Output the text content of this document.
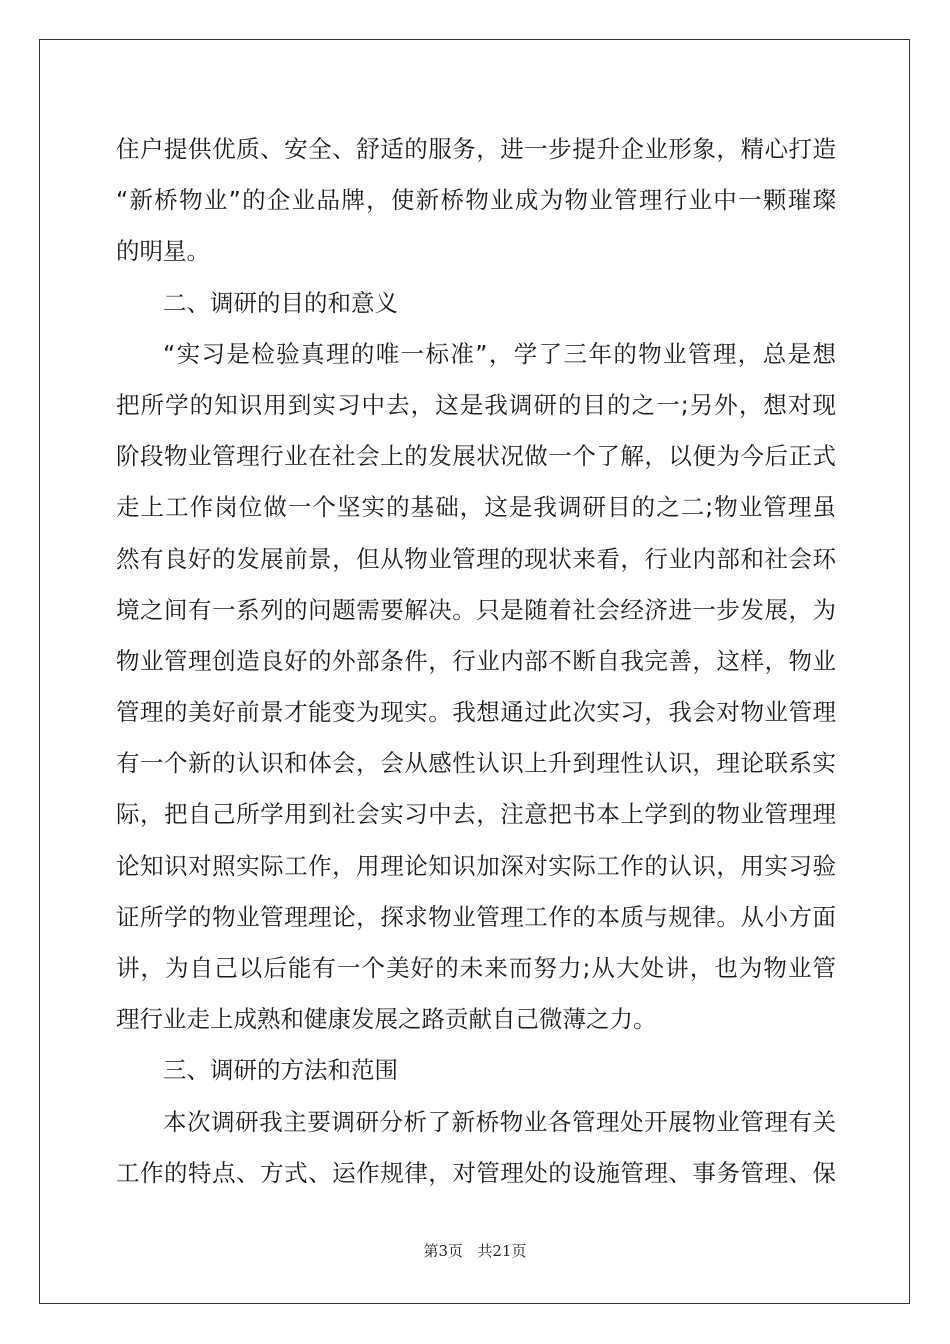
住户提供优质、安全、舒适的服务，进一步提升企业形象，精心打造
“新桥物业”的企业品牌，使新桥物业成为物业管理行业中一颗璀璨
的明星。
二、调研的目的和意义
“实习是检验真理的唯一标准”，学了三年的物业管理，总是想
把所学的知识用到实习中去，这是我调研的目的之一;另外，想对现
阶段物业管理行业在社会上的发展状况做一个了解，以便为今后正式
走上工作岗位做一个坚实的基础，这是我调研目的之二;物业管理虽
然有良好的发展前景，但从物业管理的现状来看，行业内部和社会环
境之间有一系列的问题需要解决。只是随着社会经济进一步发展，为
物业管理创造良好的外部条件，行业内部不断自我完善，这样，物业
管理的美好前景才能变为现实。我想通过此次实习，我会对物业管理
有一个新的认识和体会，会从感性认识上升到理性认识，理论联系实
际，把自己所学用到社会实习中去，注意把书本上学到的物业管理理
论知识对照实际工作，用理论知识加深对实际工作的认识，用实习验
证所学的物业管理理论，探求物业管理工作的本质与规律。从小方面
讲，为自己以后能有一个美好的未来而努力;从大处讲，也为物业管
理行业走上成熟和健康发展之路贡献自己微薄之力。
三、调研的方法和范围
本次调研我主要调研分析了新桥物业各管理处开展物业管理有关
工作的特点、方式、运作规律，对管理处的设施管理、事务管理、保
第3页 共21页
